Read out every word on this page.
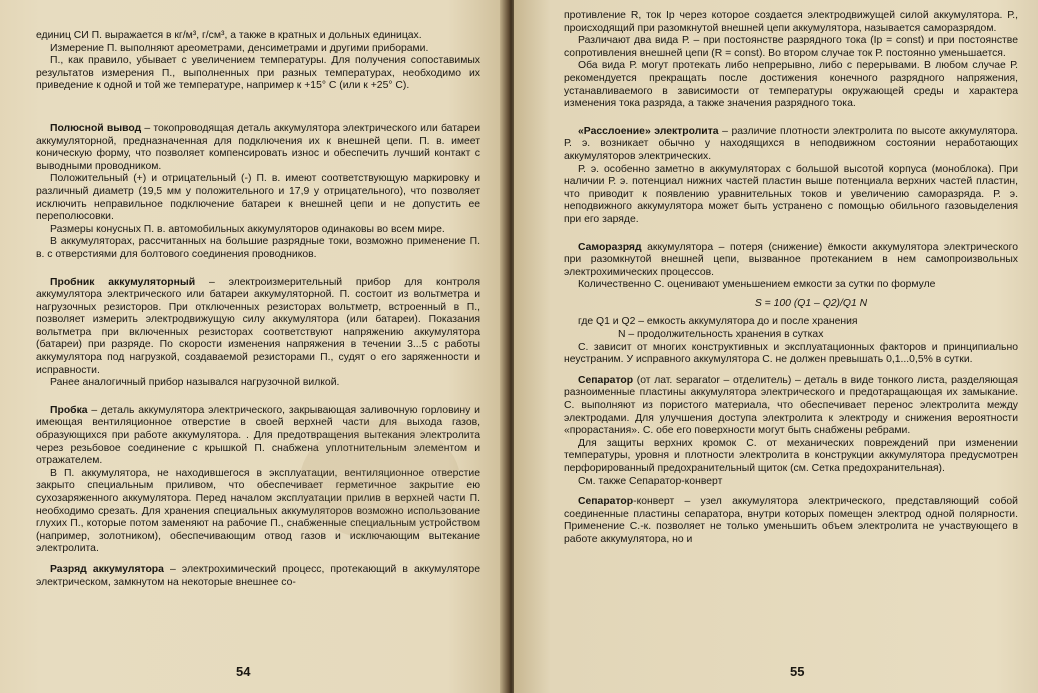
единиц СИ П. выражается в кг/м³, г/см³, а также в кратных и дольных единицах.

Измерение П. выполняют ареометрами, денсиметрами и другими приборами.

П., как правило, убывает с увеличением температуры. Для получения сопоставимых результатов измерения П., выполненных при разных температурах, необходимо их приведение к одной и той же температуре, например к +15° С (или к +25° С).

Полюсной вывод – токопроводящая деталь аккумулятора электрического или батареи аккумуляторной, предназначенная для подключения их к внешней цепи. П. в. имеет коническую форму, что позволяет компенсировать износ и обеспечить лучший контакт с выводными проводником.

Положительный (+) и отрицательный (-) П. в. имеют соответствующую маркировку и различный диаметр (19,5 мм у положительного и 17,9 у отрицательного), что позволяет исключить неправильное подключение батареи к внешней цепи и не допустить ее переполюсовки.

Размеры конусных П. в. автомобильных аккумуляторов одинаковы во всем мире.

В аккумуляторах, рассчитанных на большие разрядные токи, возможно применение П. в. с отверстиями для болтового соединения проводников.

Пробник аккумуляторный – электроизмерительный прибор для контроля аккумулятора электрического или батареи аккумуляторной. П. состоит из вольтметра и нагрузочных резисторов. При отключенных резисторах вольтметр, встроенный в П., позволяет измерить электродвижущую силу аккумулятора (или батареи). Показания вольтметра при включенных резисторах соответствуют напряжению аккумулятора (батареи) при разряде. По скорости изменения напряжения в течении 3...5 с работы аккумулятора под нагрузкой, создаваемой резисторами П., судят о его заряженности и исправности.

Ранее аналогичный прибор назывался нагрузочной вилкой.

Пробка – деталь аккумулятора электрического, закрывающая заливочную горловину и имеющая вентиляционное отверстие в своей верхней части для выхода газов, образующихся при работе аккумулятора. . Для предотвращения вытекания электролита через резьбовое соединение с крышкой П. снабжена уплотнительным элементом и отражателем.

В П. аккумулятора, не находившегося в эксплуатации, вентиляционное отверстие закрыто специальным приливом, что обеспечивает герметичное закрытие ею сухозаряженного аккумулятора. Перед началом эксплуатации прилив в верхней части П. необходимо срезать. Для хранения специальных аккумуляторов возможно использование глухих П., которые потом заменяют на рабочие П., снабженные специальным устройством (например, золотником), обеспечивающим отвод газов и исключающим вытекание электролита.

Разряд аккумулятора – электрохимический процесс, протекающий в аккумуляторе электрическом, замкнутом на некоторые внешнее со-

54

противление R, ток Iр через которое создается электродвижущей силой аккумулятора. Р., происходящий при разомкнутой внешней цепи аккумулятора, называется саморазрядом.

Различают два вида Р. – при постоянстве разрядного тока (Iр = const) и при постоянстве сопротивления внешней цепи (R = const). Во втором случае ток Р. постоянно уменьшается.

Оба вида Р. могут протекать либо непрерывно, либо с перерывами. В любом случае Р. рекомендуется прекращать после достижения конечного разрядного напряжения, устанавливаемого в зависимости от температуры окружающей среды и характера изменения тока разряда, а также значения разрядного тока.

«Расслоение» электролита – различие плотности электролита по высоте аккумулятора. Р. э. возникает обычно у находящихся в неподвижном состоянии неработающих аккумуляторов электрических.

Р. э. особенно заметно в аккумуляторах с большой высотой корпуса (моноблока). При наличии Р. э. потенциал нижних частей пластин выше потенциала верхних частей пластин, что приводит к появлению уравнительных токов и увеличению саморазряда. Р. э. неподвижного аккумулятора может быть устранено с помощью обильного газовыделения при его заряде.

Саморазряд аккумулятора – потеря (снижение) ёмкости аккумулятора электрического при разомкнутой внешней цепи, вызванное протеканием в нем самопроизвольных электрохимических процессов.

Количественно С. оценивают уменьшением емкости за сутки по формуле

S = 100 (Q1 – Q2)/Q1 N

где Q1 и Q2 – емкость аккумулятора до и после хранения

N – продолжительность хранения в сутках

С. зависит от многих конструктивных и эксплуатационных факторов и принципиально неустраним. У исправного аккумулятора С. не должен превышать 0,1...0,5% в сутки.

Сепаратор (от лат. separator – отделитель) – деталь в виде тонкого листа, разделяющая разноименные пластины аккумулятора электрического и предотаращающая их замыкание. С. выполняют из пористого материала, что обеспечивает перенос электролита между электродами. Для улучшения доступа электролита к электроду и снижения вероятности «прорастания». С. обе его поверхности могут быть снабжены ребрами.

Для защиты верхних кромок С. от механических повреждений при изменении температуры, уровня и плотности электролита в конструкции аккумулятора предусмотрен перфорированный предохранительный щиток (см. Сетка предохранительная).

См. также Сепаратор-конверт

Сепаратор-конверт – узел аккумулятора электрического, представляющий собой соединенные пластины сепаратора, внутри которых помещен электрод одной полярности. Применение С.-к. позволяет не только уменьшить объем электролита не участвующего в работе аккумулятора, но и

55
